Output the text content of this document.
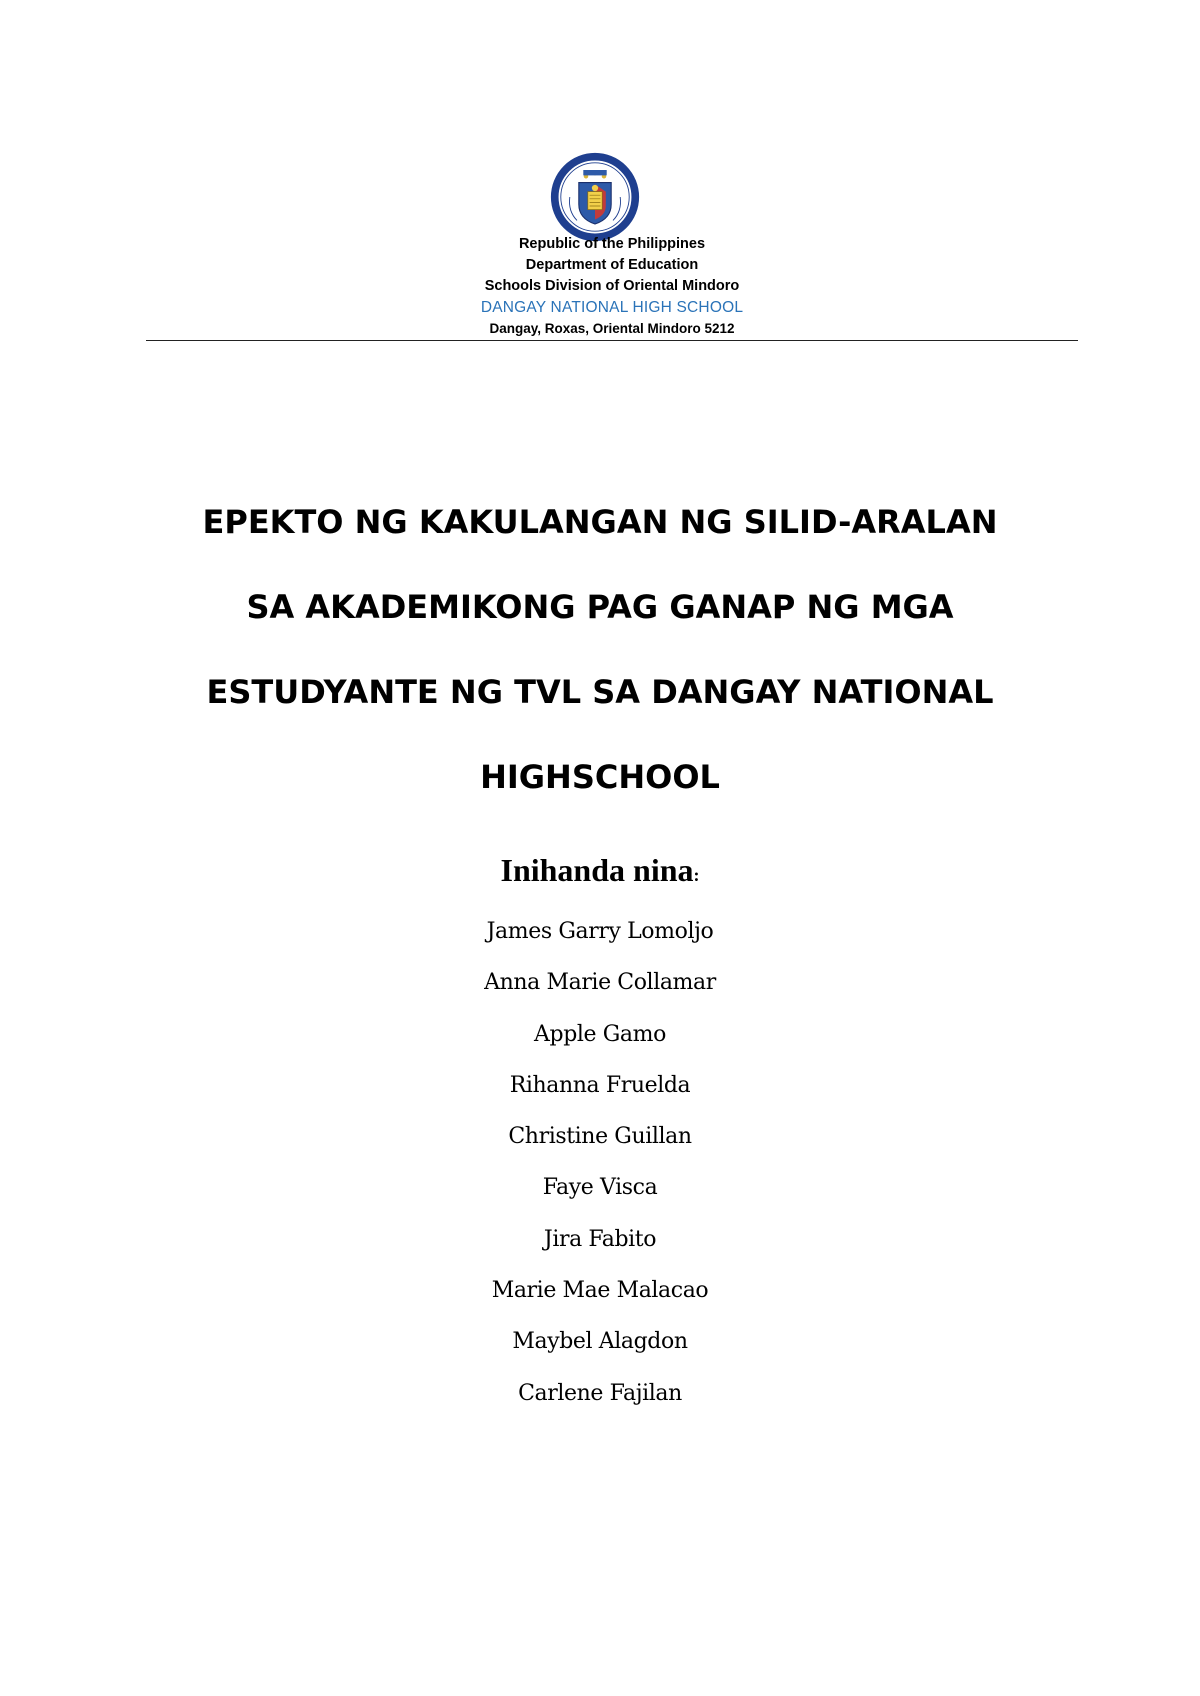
Republic of the Philippines
Department of Education
Schools Division of Oriental Mindoro
DANGAY NATIONAL HIGH SCHOOL
Dangay, Roxas, Oriental Mindoro 5212
EPEKTO NG KAKULANGAN NG SILID-ARALAN
SA AKADEMIKONG PAG GANAP NG MGA
ESTUDYANTE NG TVL SA DANGAY NATIONAL
HIGHSCHOOL
Inihanda nina:
James Garry Lomoljo
Anna Marie Collamar
Apple Gamo
Rihanna Fruelda
Christine Guillan
Faye Visca
Jira Fabito
Marie Mae Malacao
Maybel Alagdon
Carlene Fajilan
